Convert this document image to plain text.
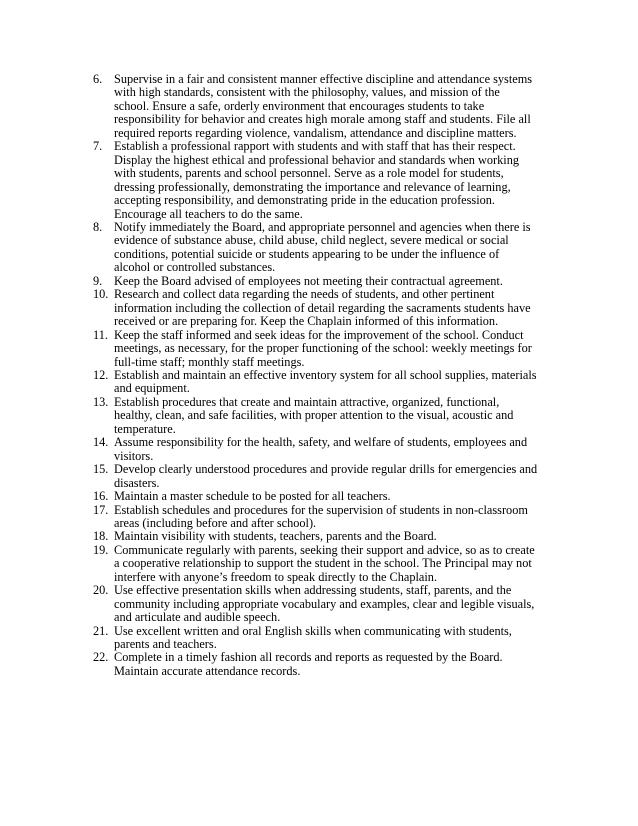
6. Supervise in a fair and consistent manner effective discipline and attendance systems
with high standards, consistent with the philosophy, values, and mission of the
school. Ensure a safe, orderly environment that encourages students to take
responsibility for behavior and creates high morale among staff and students. File all
required reports regarding violence, vandalism, attendance and discipline matters.
7. Establish a professional rapport with students and with staff that has their respect.
Display the highest ethical and professional behavior and standards when working
with students, parents and school personnel. Serve as a role model for students,
dressing professionally, demonstrating the importance and relevance of learning,
accepting responsibility, and demonstrating pride in the education profession.
Encourage all teachers to do the same.
8. Notify immediately the Board, and appropriate personnel and agencies when there is
evidence of substance abuse, child abuse, child neglect, severe medical or social
conditions, potential suicide or students appearing to be under the influence of
alcohol or controlled substances.
9. Keep the Board advised of employees not meeting their contractual agreement.
10. Research and collect data regarding the needs of students, and other pertinent
information including the collection of detail regarding the sacraments students have
received or are preparing for. Keep the Chaplain informed of this information.
11. Keep the staff informed and seek ideas for the improvement of the school. Conduct
meetings, as necessary, for the proper functioning of the school: weekly meetings for
full-time staff; monthly staff meetings.
12. Establish and maintain an effective inventory system for all school supplies, materials
and equipment.
13. Establish procedures that create and maintain attractive, organized, functional,
healthy, clean, and safe facilities, with proper attention to the visual, acoustic and
temperature.
14. Assume responsibility for the health, safety, and welfare of students, employees and
visitors.
15. Develop clearly understood procedures and provide regular drills for emergencies and
disasters.
16. Maintain a master schedule to be posted for all teachers.
17. Establish schedules and procedures for the supervision of students in non-classroom
areas (including before and after school).
18. Maintain visibility with students, teachers, parents and the Board.
19. Communicate regularly with parents, seeking their support and advice, so as to create
a cooperative relationship to support the student in the school. The Principal may not
interfere with anyone’s freedom to speak directly to the Chaplain.
20. Use effective presentation skills when addressing students, staff, parents, and the
community including appropriate vocabulary and examples, clear and legible visuals,
and articulate and audible speech.
21. Use excellent written and oral English skills when communicating with students,
parents and teachers.
22. Complete in a timely fashion all records and reports as requested by the Board.
Maintain accurate attendance records.
